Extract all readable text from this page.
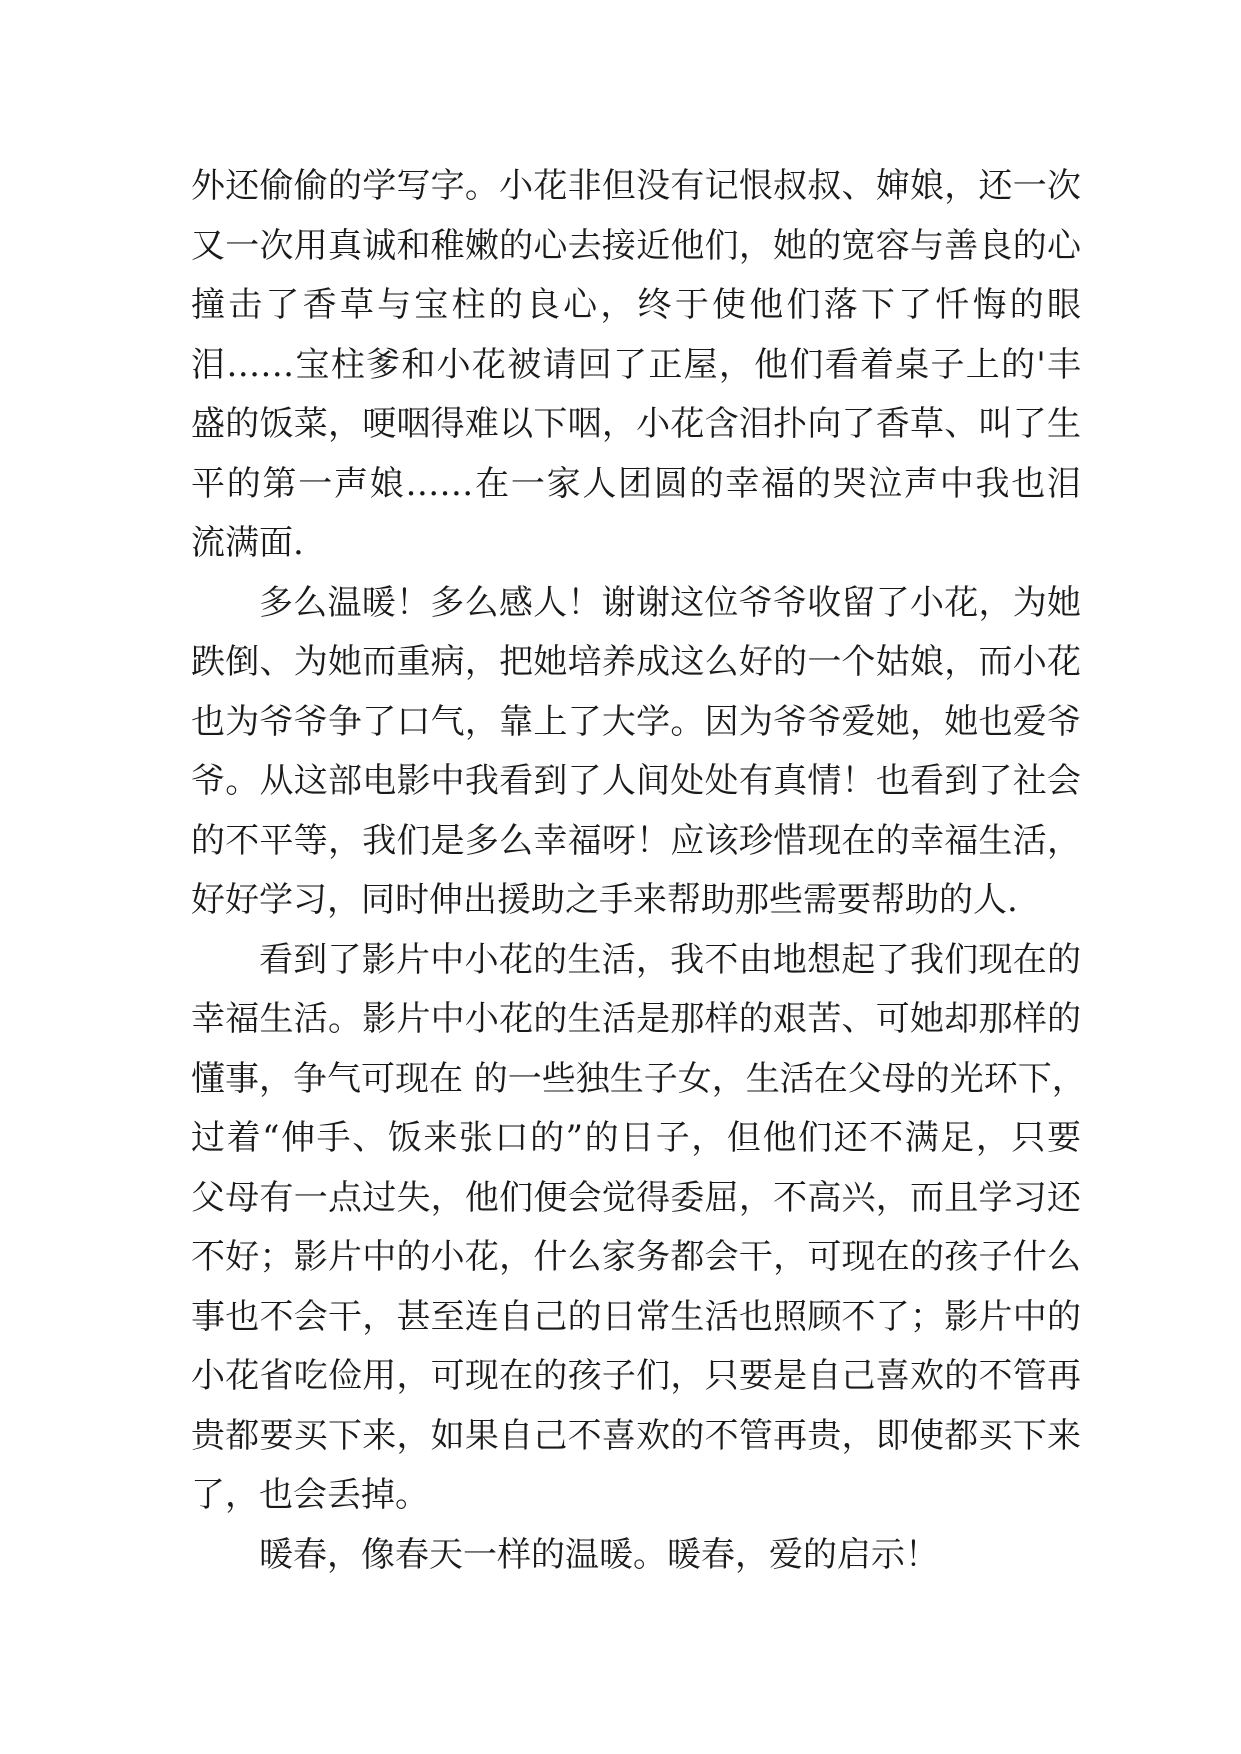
外还偷偷的学写字。小花非但没有记恨叔叔、婶娘，还一次
又一次用真诚和稚嫩的心去接近他们，她的宽容与善良的心
撞击了香草与宝柱的良心，终于使他们落下了忏悔的眼
泪……宝柱爹和小花被请回了正屋，他们看着桌子上的'丰
盛的饭菜，哽咽得难以下咽，小花含泪扑向了香草、叫了生
平的第一声娘……在一家人团圆的幸福的哭泣声中我也泪
流满面.
多么温暖！多么感人！谢谢这位爷爷收留了小花，为她
跌倒、为她而重病，把她培养成这么好的一个姑娘，而小花
也为爷爷争了口气，靠上了大学。因为爷爷爱她，她也爱爷
爷。从这部电影中我看到了人间处处有真情！也看到了社会
的不平等，我们是多么幸福呀！应该珍惜现在的幸福生活，
好好学习，同时伸出援助之手来帮助那些需要帮助的人.
看到了影片中小花的生活，我不由地想起了我们现在的
幸福生活。影片中小花的生活是那样的艰苦、可她却那样的
懂事，争气可现在 的一些独生子女，生活在父母的光环下，
过着“伸手、饭来张口的”的日子，但他们还不满足，只要
父母有一点过失，他们便会觉得委屈，不高兴，而且学习还
不好；影片中的小花，什么家务都会干，可现在的孩子什么
事也不会干，甚至连自己的日常生活也照顾不了；影片中的
小花省吃俭用，可现在的孩子们，只要是自己喜欢的不管再
贵都要买下来，如果自己不喜欢的不管再贵，即使都买下来
了，也会丢掉。
暖春，像春天一样的温暖。暖春，爱的启示！
